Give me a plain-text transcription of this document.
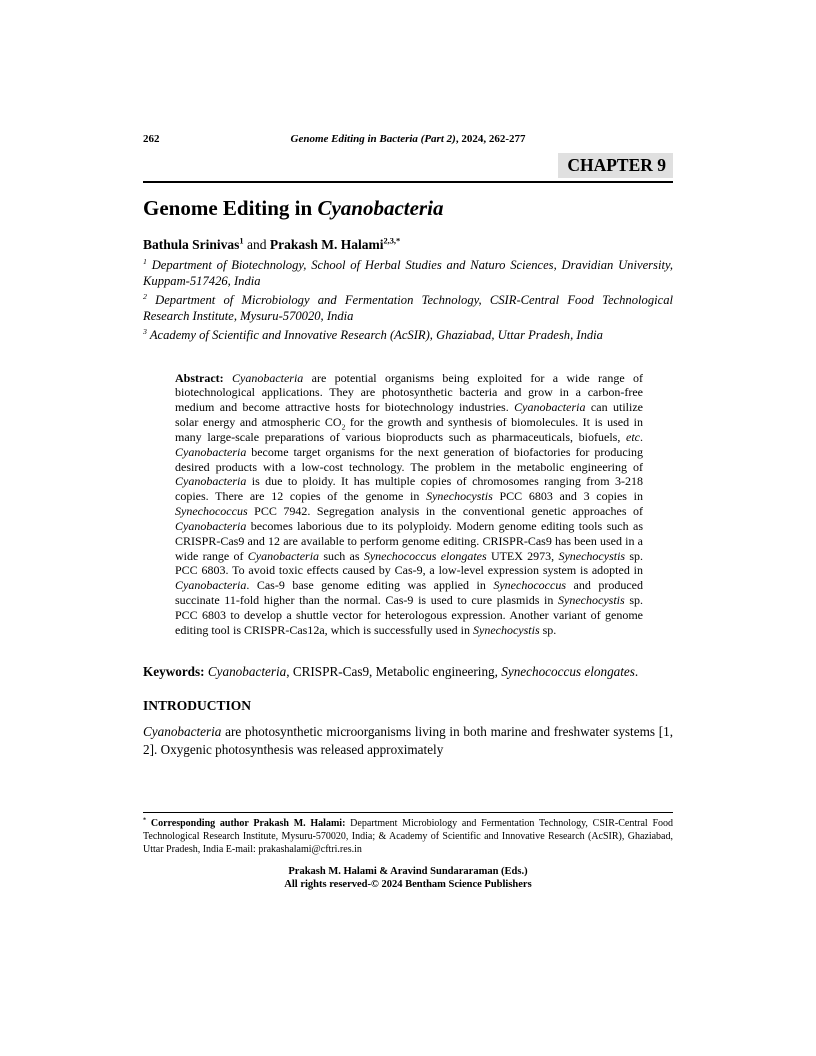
262	Genome Editing in Bacteria (Part 2), 2024, 262-277
CHAPTER 9
Genome Editing in Cyanobacteria
Bathula Srinivas$^1$ and Prakash M. Halami$^{2,3,*}$

$^1$ Department of Biotechnology, School of Herbal Studies and Naturo Sciences, Dravidian University, Kuppam-517426, India

$^2$ Department of Microbiology and Fermentation Technology, CSIR-Central Food Technological Research Institute, Mysuru-570020, India

$^3$ Academy of Scientific and Innovative Research (AcSIR), Ghaziabad, Uttar Pradesh, India

Abstract: Cyanobacteria are potential organisms being exploited for a wide range of biotechnological applications. They are photosynthetic bacteria and grow in a carbon-free medium and become attractive hosts for biotechnology industries. Cyanobacteria can utilize solar energy and atmospheric $CO_2$ for the growth and synthesis of biomolecules. It is used in many large-scale preparations of various bioproducts such as pharmaceuticals, biofuels, etc. Cyanobacteria become target organisms for the next generation of biofactories for producing desired products with a low-cost technology. The problem in the metabolic engineering of Cyanobacteria is due to ploidy. It has multiple copies of chromosomes ranging from 3-218 copies. There are 12 copies of the genome in Synechocystis PCC 6803 and 3 copies in Synechococcus PCC 7942. Segregation analysis in the conventional genetic approaches of Cyanobacteria becomes laborious due to its polyploidy. Modern genome editing tools such as CRISPR-Cas9 and 12 are available to perform genome editing. CRISPR-Cas9 has been used in a wide range of Cyanobacteria such as Synechococcus elongates UTEX 2973, Synechocystis sp. PCC 6803. To avoid toxic effects caused by Cas-9, a low-level expression system is adopted in Cyanobacteria. Cas-9 base genome editing was applied in Synechococcus and produced succinate 11-fold higher than the normal. Cas-9 is used to cure plasmids in Synechocystis sp. PCC 6803 to develop a shuttle vector for heterologous expression. Another variant of genome editing tool is CRISPR-Cas12a, which is successfully used in Synechocystis sp.
Keywords: Cyanobacteria, CRISPR-Cas9, Metabolic engineering, Synechococcus elongates.
INTRODUCTION

Cyanobacteria are photosynthetic microorganisms living in both marine and freshwater systems [1, 2]. Oxygenic photosynthesis was released approximately

* Corresponding author Prakash M. Halami: Department Microbiology and Fermentation Technology, CSIR-Central Food Technological Research Institute, Mysuru-570020, India; & Academy of Scientific and Innovative Research (AcSIR), Ghaziabad, Uttar Pradesh, India E-mail: prakashalami@cftri.res.in
Prakash M. Halami & Aravind Sundararaman (Eds.)
All rights reserved-© 2024 Bentham Science Publishers
